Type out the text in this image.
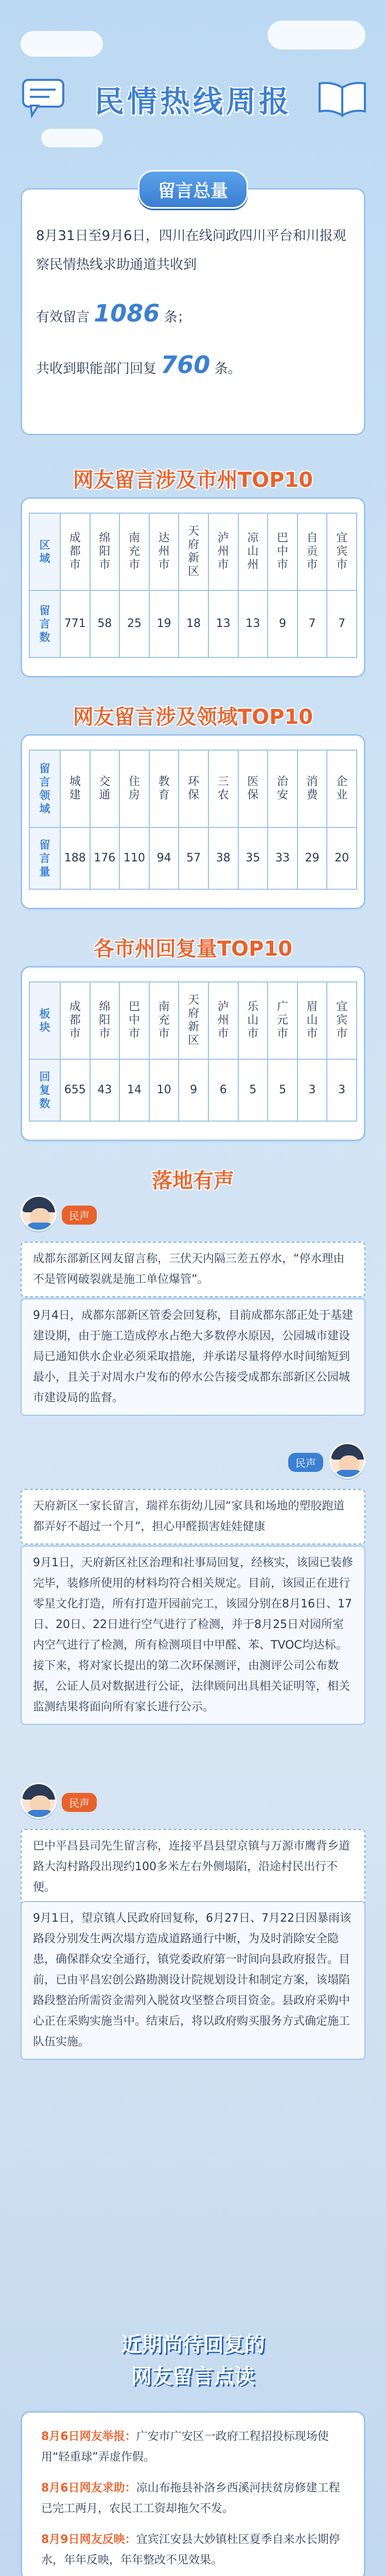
民情热线周报
留言总量
8月31日至9月6日，四川在线问政四川平台和川报观察民情热线求助通道共收到
有效留言 1086 条；
共收到职能部门回复 760 条。
网友留言涉及市州TOP10
区域	成都市	绵阳市	南充市	达州市	天府新区	泸州市	凉山州	巴中市	自贡市	宜宾市
留言数	771	58	25	19	18	13	13	9	7	7
网友留言涉及领域TOP10
留言领域	城建	交通	住房	教育	环保	三农	医保	治安	消费	企业
留言量	188	176	110	94	57	38	35	33	29	20
各市州回复量TOP10
板块	成都市	绵阳市	巴中市	南充市	天府新区	泸州市	乐山市	广元市	眉山市	宜宾市
回复数	655	43	14	10	9	6	5	5	3	3
落地有声
民声
成都东部新区网友留言称，三伏天内隔三差五停水，“停水理由不是管网破裂就是施工单位爆管”。
9月4日，成都东部新区管委会回复称，目前成都东部正处于基建建设期，由于施工造成停水占绝大多数停水原因，公园城市建设局已通知供水企业必须采取措施，并承诺尽量将停水时间缩短到最小，且关于对周水户发布的停水公告接受成都东部新区公园城市建设局的监督。
民声
天府新区一家长留言，瑞祥东街幼儿园“家具和场地的塑胶跑道都弄好不超过一个月”，担心甲醛损害娃娃健康
9月1日，天府新区社区治理和社事局回复，经核实，该园已装修完毕，装修所使用的材料均符合相关规定。目前，该园正在进行零星文化打造，所有打造开园前完工，该园分别在8月16日、17日、20日、22日进行空气进行了检测，并于8月25日对园所室内空气进行了检测，所有检测项目中甲醛、苯、TVOC均达标。接下来，将对家长提出的第二次环保测评，由测评公司公布数据，公证人员对数据进行公证，法律顾问出具相关证明等，相关监测结果将面向所有家长进行公示。
民声
巴中平昌县司先生留言称，连接平昌县望京镇与万源市鹰背乡道路大沟村路段出现约100多米左右外侧塌陷，沿途村民出行不便。
9月1日，望京镇人民政府回复称，6月27日、7月22日因暴雨该路段分别发生两次塌方造成道路通行中断，为及时消除安全隐患，确保群众安全通行，镇党委政府第一时间向县政府报告。目前，已由平昌宏创公路勘测设计院规划设计和制定方案，该塌陷路段整治所需资金需列入脱贫攻坚整合项目资金。县政府采购中心正在采购实施当中。结束后，将以政府购买服务方式确定施工队伍实施。
近期尚待回复的
网友留言点读
8月6日网友举报：广安市广安区一政府工程招投标现场使用“轻重球”弄虚作假。
8月6日网友求助：凉山布拖县补洛乡西溪河扶贫房修建工程已完工两月，农民工工资却拖欠不发。
8月9日网友反映：宜宾江安县大妙镇杜区夏季自来水长期停水，年年反映，年年整改不见效果。
